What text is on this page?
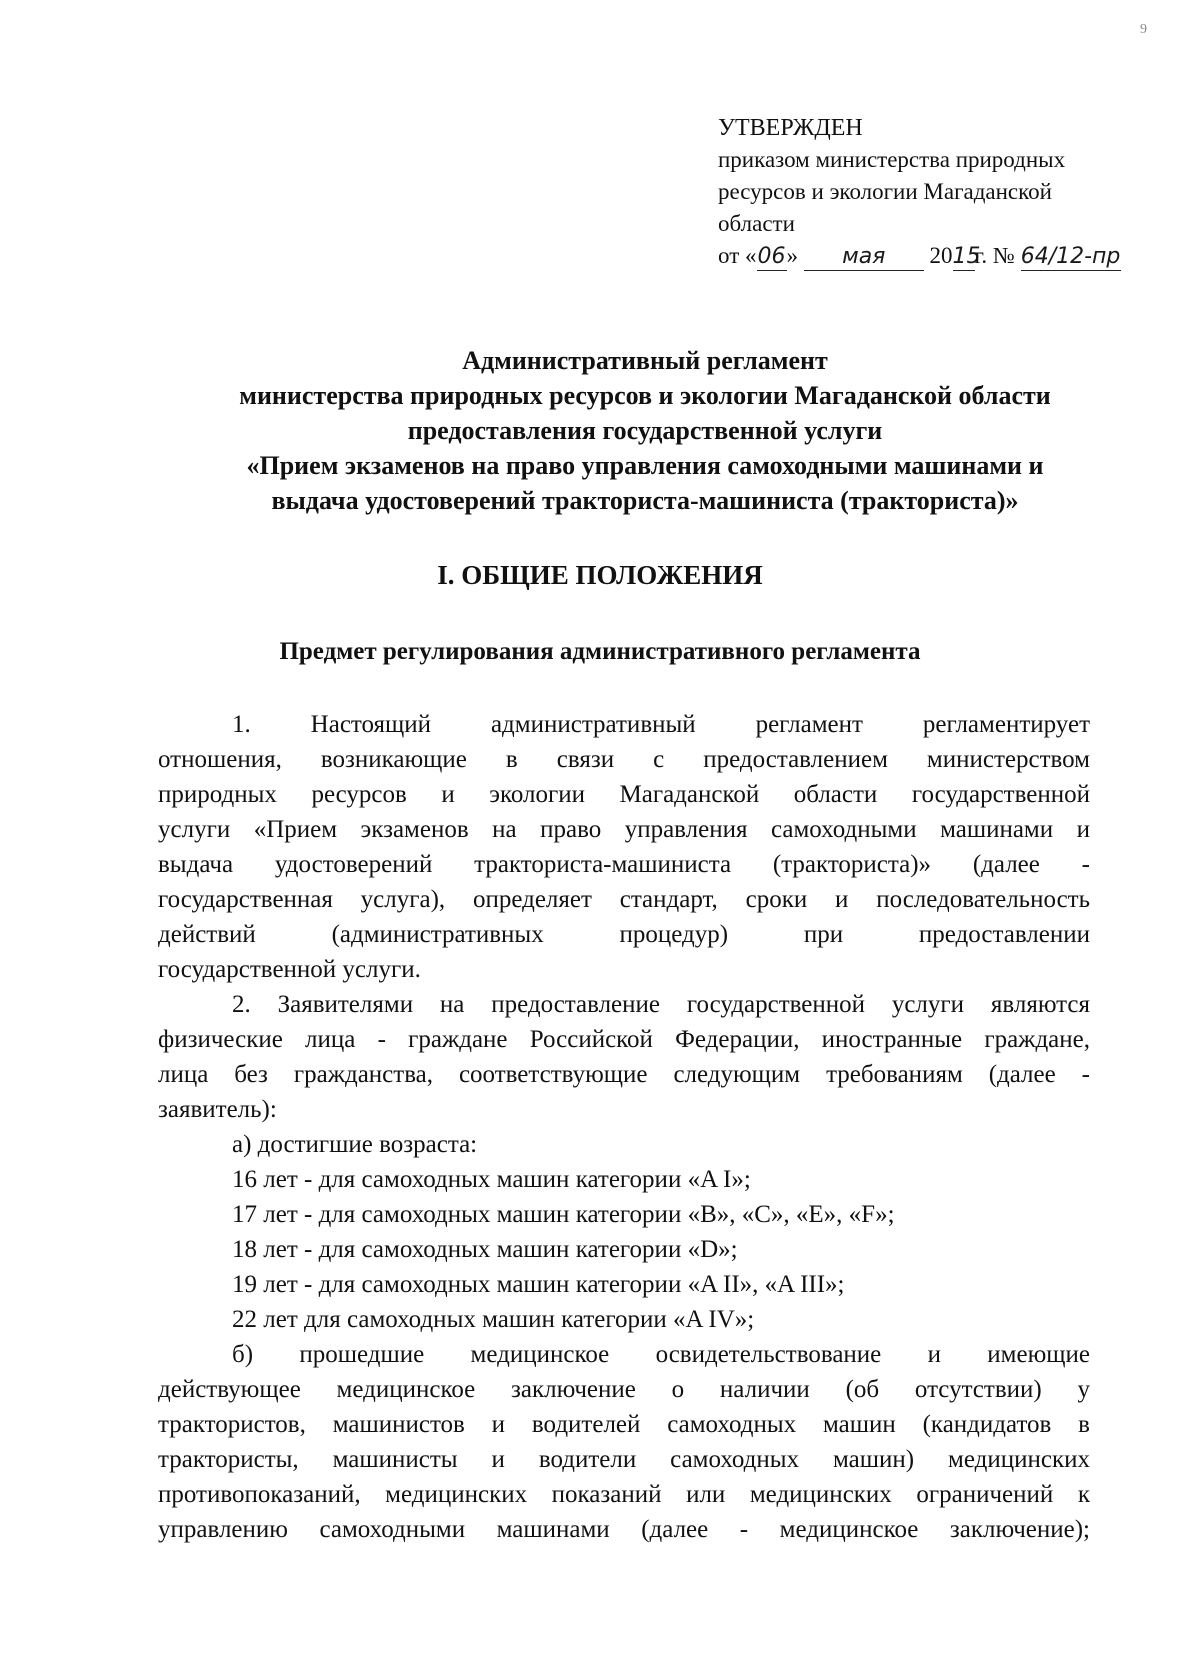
9
УТВЕРЖДЕН
приказом министерства природных
ресурсов и экологии Магаданской
области
от «06» мая 2015г. № 64/12-пр
Административный регламент
министерства природных ресурсов и экологии Магаданской области
предоставления государственной услуги
«Прием экзаменов на право управления самоходными машинами и
выдача удостоверений тракториста-машиниста (тракториста)»
I. ОБЩИЕ ПОЛОЖЕНИЯ
Предмет регулирования административного регламента
1. Настоящий административный регламент регламентирует
отношения, возникающие в связи с предоставлением министерством
природных ресурсов и экологии Магаданской области государственной
услуги «Прием экзаменов на право управления самоходными машинами и
выдача удостоверений тракториста-машиниста (тракториста)» (далее -
государственная услуга), определяет стандарт, сроки и последовательность
действий (административных процедур) при предоставлении
государственной услуги.
2. Заявителями на предоставление государственной услуги являются
физические лица - граждане Российской Федерации, иностранные граждане,
лица без гражданства, соответствующие следующим требованиям (далее -
заявитель):
а) достигшие возраста:
16 лет - для самоходных машин категории «A I»;
17 лет - для самоходных машин категории «B», «C», «E», «F»;
18 лет - для самоходных машин категории «D»;
19 лет - для самоходных машин категории «A II», «A III»;
22 лет для самоходных машин категории «A IV»;
б) прошедшие медицинское освидетельствование и имеющие
действующее медицинское заключение о наличии (об отсутствии) у
трактористов, машинистов и водителей самоходных машин (кандидатов в
трактористы, машинисты и водители самоходных машин) медицинских
противопоказаний, медицинских показаний или медицинских ограничений к
управлению самоходными машинами (далее - медицинское заключение);
